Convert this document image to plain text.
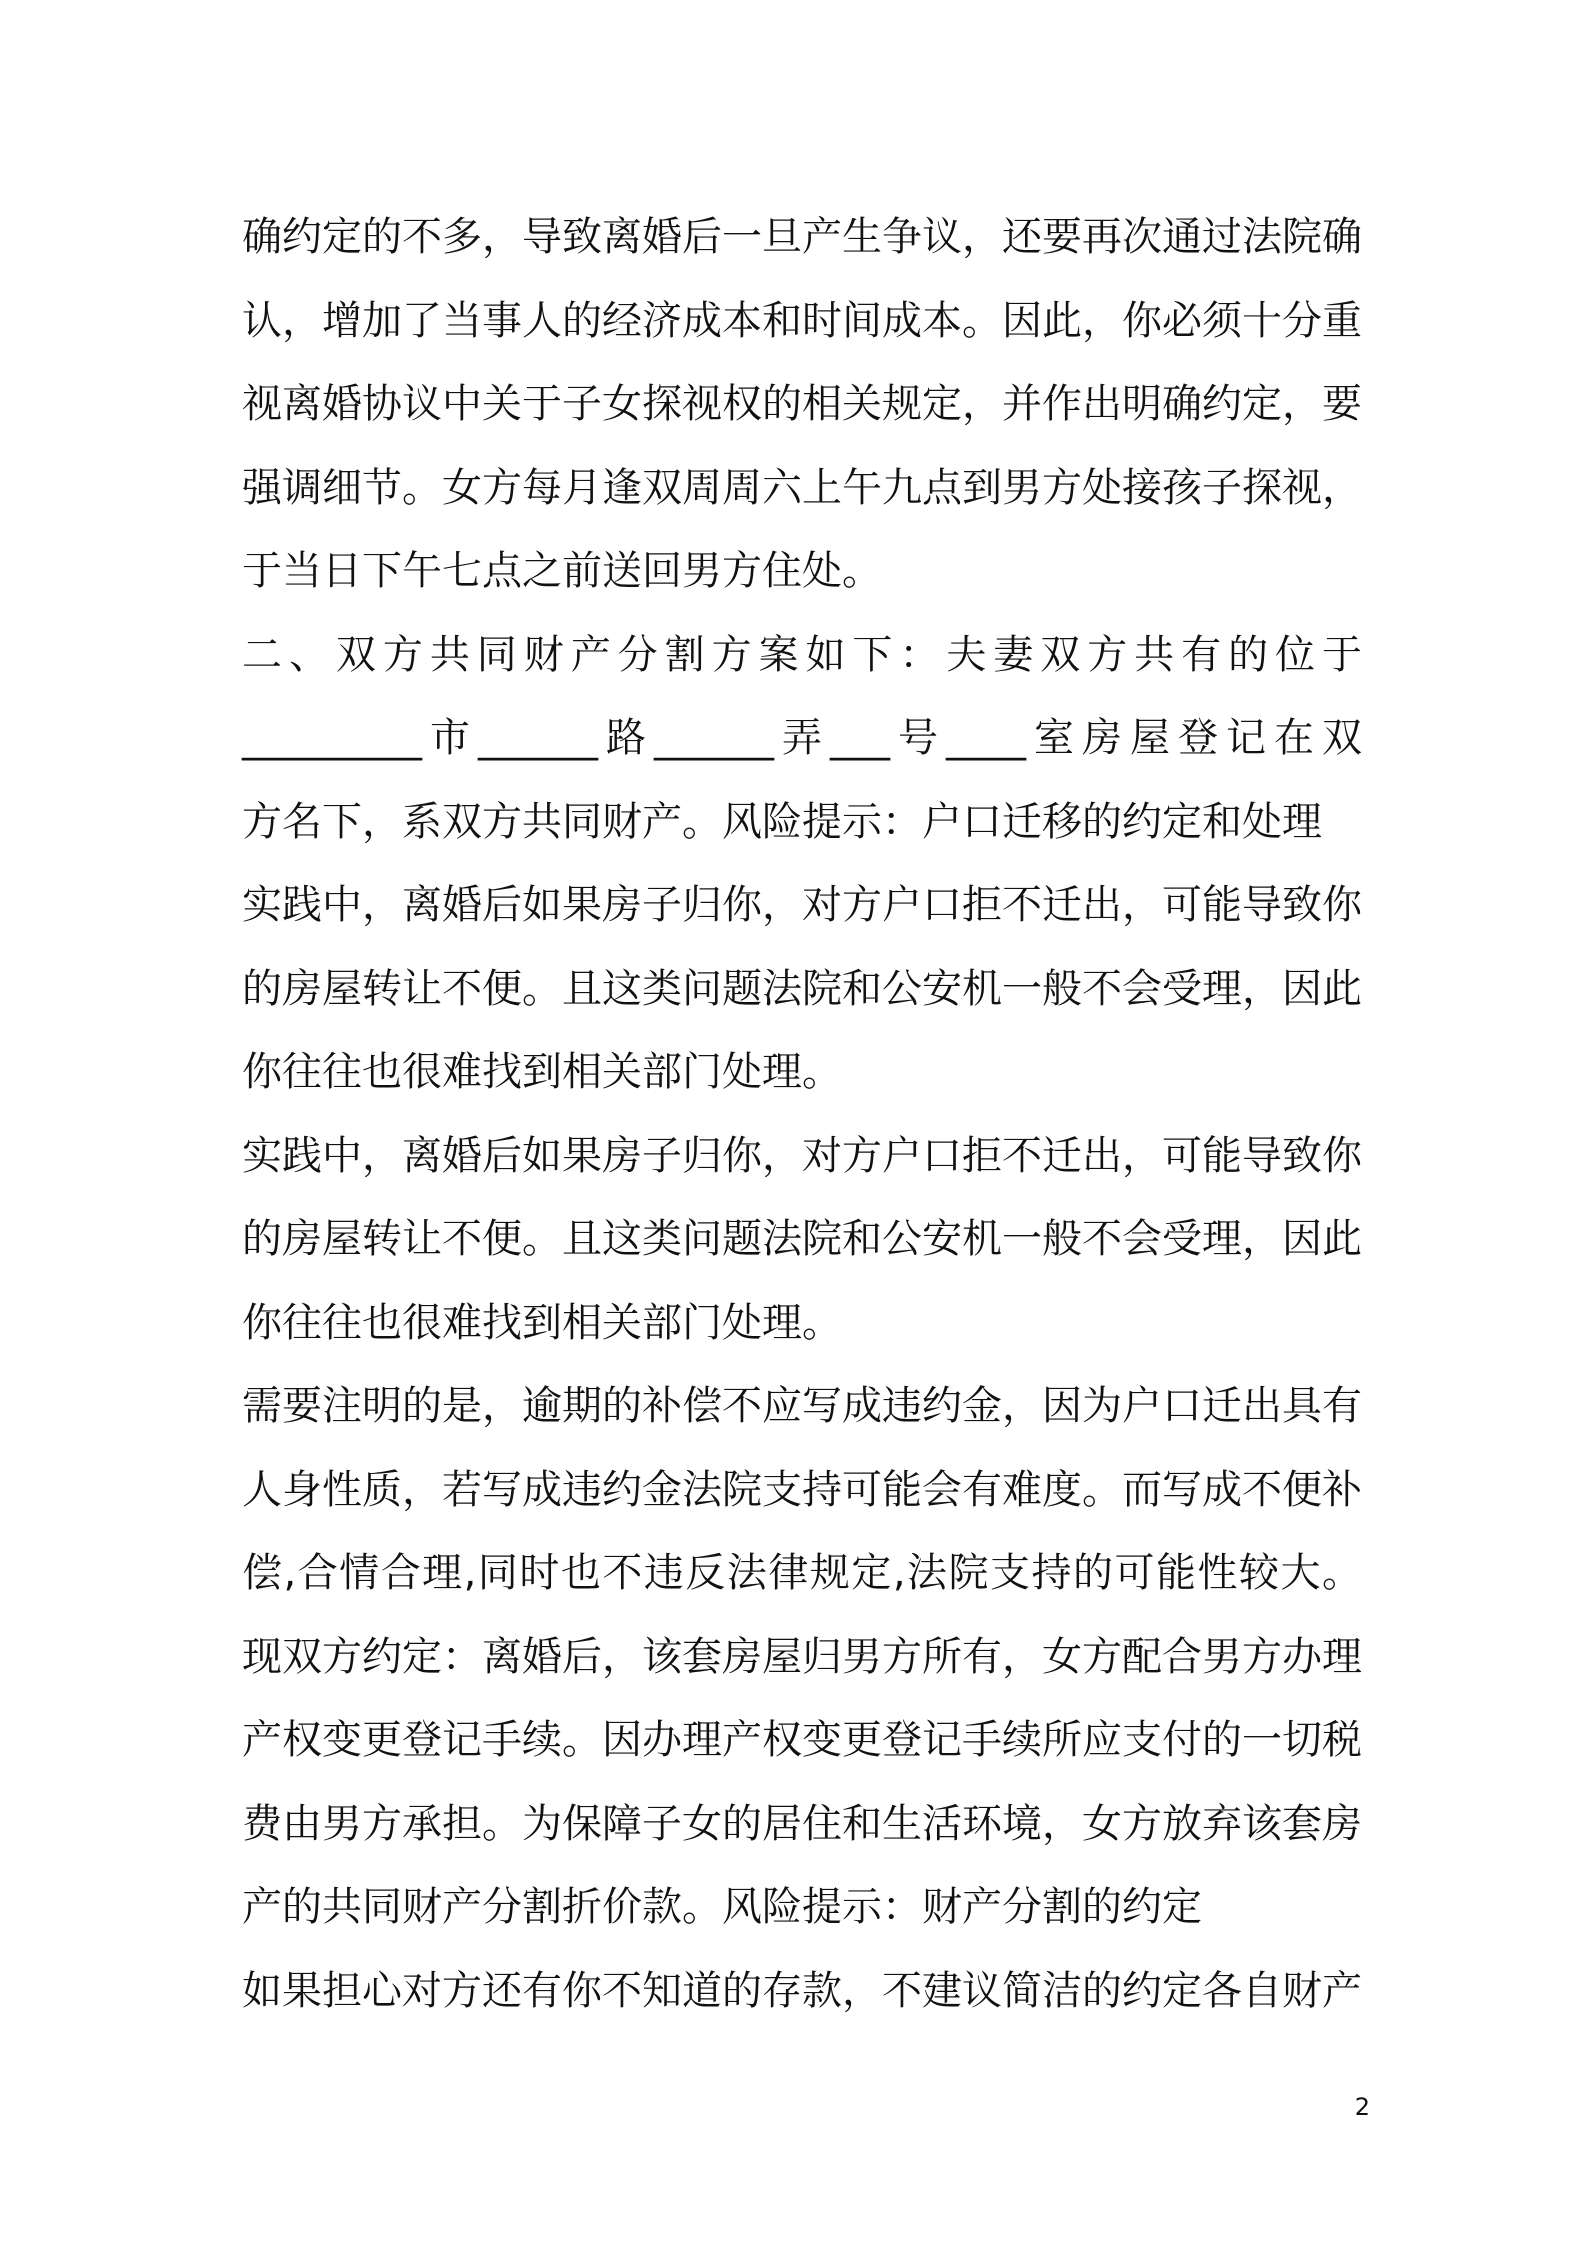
确约定的不多，导致离婚后一旦产生争议，还要再次通过法院确
认，增加了当事人的经济成本和时间成本。因此，你必须十分重
视离婚协议中关于子女探视权的相关规定，并作出明确约定，要
强调细节。女方每月逢双周周六上午九点到男方处接孩子探视，
于当日下午七点之前送回男方住处。
二、双方共同财产分割方案如下：夫妻双方共有的位于
_________市______路______弄___号____室房屋登记在双
方名下，系双方共同财产。风险提示：户口迁移的约定和处理
实践中，离婚后如果房子归你，对方户口拒不迁出，可能导致你
的房屋转让不便。且这类问题法院和公安机一般不会受理，因此
你往往也很难找到相关部门处理。
实践中，离婚后如果房子归你，对方户口拒不迁出，可能导致你
的房屋转让不便。且这类问题法院和公安机一般不会受理，因此
你往往也很难找到相关部门处理。
需要注明的是，逾期的补偿不应写成违约金，因为户口迁出具有
人身性质，若写成违约金法院支持可能会有难度。而写成不便补
偿,合情合理,同时也不违反法律规定,法院支持的可能性较大。
现双方约定：离婚后，该套房屋归男方所有，女方配合男方办理
产权变更登记手续。因办理产权变更登记手续所应支付的一切税
费由男方承担。为保障子女的居住和生活环境，女方放弃该套房
产的共同财产分割折价款。风险提示：财产分割的约定
如果担心对方还有你不知道的存款，不建议简洁的约定各自财产
2
